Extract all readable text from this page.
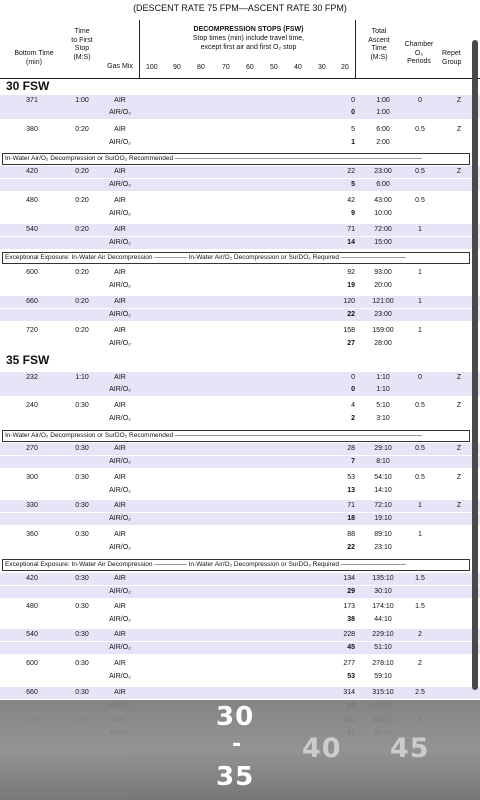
(DESCENT RATE 75 FPM—ASCENT RATE 30 FPM)
Bottom Time
(min)
Time
to First
Stop
(M:S)
Gas Mix
Total
Ascent
Time
(M:S)
Chamber
O₂
Periods
Repet
Group
DECOMPRESSION STOPS (FSW)
Stop times (min) include travel time,
except first air and first O₂ stop
100 90 80 70 60 50 40 30 20
30 FSW
371	1:00	AIR	0	1:00	0	Z
AIR/O₂	0	1:00
380	0:20	AIR	5	6:00	0.5	Z
AIR/O₂	1	2:00
420	0:20	AIR	22	23:00	0.5	Z
AIR/O₂	5	6:00
480	0:20	AIR	42	43:00	0.5
AIR/O₂	9	10:00
540	0:20	AIR	71	72:00	1
AIR/O₂	14	15:00
600	0:20	AIR	92	93:00	1
AIR/O₂	19	20:00
660	0:20	AIR	120	121:00	1
AIR/O₂	22	23:00
720	0:20	AIR	158	159:00	1
AIR/O₂	27	28:00
35 FSW
232	1:10	AIR	0	1:10	0	Z
AIR/O₂	0	1:10
240	0:30	AIR	4	5:10	0.5	Z
AIR/O₂	2	3:10
270	0:30	AIR	28	29:10	0.5	Z
AIR/O₂	7	8:10
300	0:30	AIR	53	54:10	0.5	Z
AIR/O₂	13	14:10
330	0:30	AIR	71	72:10	1	Z
AIR/O₂	18	19:10
360	0:30	AIR	88	89:10	1
AIR/O₂	22	23:10
420	0:30	AIR	134	135:10	1.5
AIR/O₂	29	30:10
480	0:30	AIR	173	174:10	1.5
AIR/O₂	38	44:10
540	0:30	AIR	228	229:10	2
AIR/O₂	45	51:10
600	0:30	AIR	277	278:10	2
AIR/O₂	53	59:10
660	0:30	AIR	314	315:10	2.5
In-Water Air/O₂ Decompression or SurDO₂ Recommended ——————————————————————————————————————
Exceptional Exposure: In-Water Air Decompression ————— In-Water Air/O₂ Decompression or SurDO₂ Required ——————————
In-Water Air/O₂ Decompression or SurDO₂ Recommended ——————————————————————————————————————
Exceptional Exposure: In-Water Air Decompression ————— In-Water Air/O₂ Decompression or SurDO₂ Required ——————————
30
-
35
40 45
